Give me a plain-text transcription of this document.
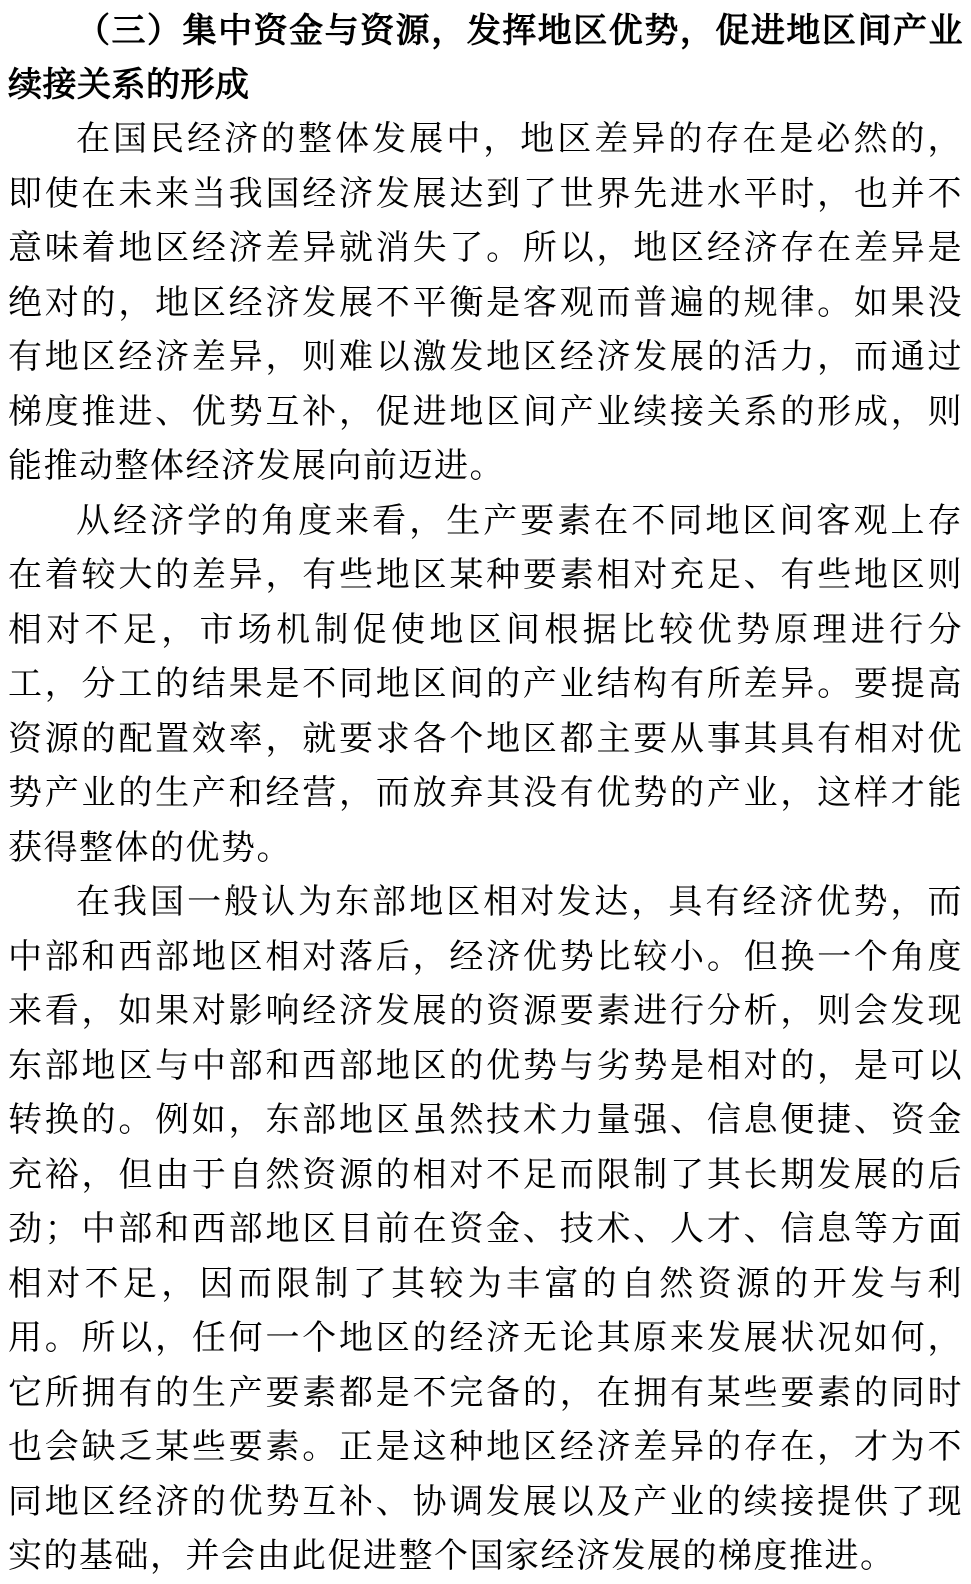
（三）集中资金与资源，发挥地区优势，促进地区间产业续接关系的形成

在国民经济的整体发展中，地区差异的存在是必然的，即使在未来当我国经济发展达到了世界先进水平时，也并不意味着地区经济差异就消失了。所以，地区经济存在差异是绝对的，地区经济发展不平衡是客观而普遍的规律。如果没有地区经济差异，则难以激发地区经济发展的活力，而通过梯度推进、优势互补，促进地区间产业续接关系的形成，则能推动整体经济发展向前迈进。

从经济学的角度来看，生产要素在不同地区间客观上存在着较大的差异，有些地区某种要素相对充足、有些地区则相对不足，市场机制促使地区间根据比较优势原理进行分工，分工的结果是不同地区间的产业结构有所差异。要提高资源的配置效率，就要求各个地区都主要从事其具有相对优势产业的生产和经营，而放弃其没有优势的产业，这样才能获得整体的优势。

在我国一般认为东部地区相对发达，具有经济优势，而中部和西部地区相对落后，经济优势比较小。但换一个角度来看，如果对影响经济发展的资源要素进行分析，则会发现东部地区与中部和西部地区的优势与劣势是相对的，是可以转换的。例如，东部地区虽然技术力量强、信息便捷、资金充裕，但由于自然资源的相对不足而限制了其长期发展的后劲；中部和西部地区目前在资金、技术、人才、信息等方面相对不足，因而限制了其较为丰富的自然资源的开发与利用。所以，任何一个地区的经济无论其原来发展状况如何，它所拥有的生产要素都是不完备的，在拥有某些要素的同时也会缺乏某些要素。正是这种地区经济差异的存在，才为不同地区经济的优势互补、协调发展以及产业的续接提供了现实的基础，并会由此促进整个国家经济发展的梯度推进。
